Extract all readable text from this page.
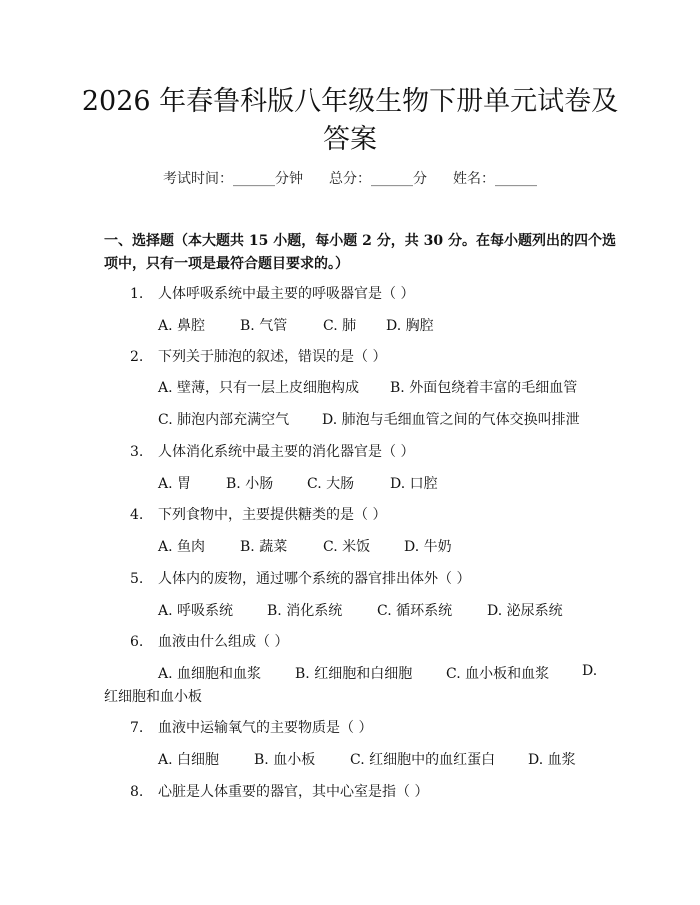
2026 年春鲁科版八年级生物下册单元试卷及
答案
考试时间：______分钟 总分：______分 姓名：______
一、选择题（本大题共 15 小题，每小题 2 分，共 30 分。在每小题列出的四个选
项中，只有一项是最符合题目要求的。）
1. 人体呼吸系统中最主要的呼吸器官是（ ）
A. 鼻腔 B. 气管	C. 肺 D. 胸腔
2. 下列关于肺泡的叙述，错误的是（ ）
A. 壁薄，只有一层上皮细胞构成 B. 外面包绕着丰富的毛细血管
C. 肺泡内部充满空气 D. 肺泡与毛细血管之间的气体交换叫排泄
3. 人体消化系统中最主要的消化器官是（ ）
A. 胃 B. 小肠 C. 大肠	D. 口腔
4. 下列食物中，主要提供糖类的是（ ）
A. 鱼肉 B. 蔬菜	C. 米饭 D. 牛奶
5. 人体内的废物，通过哪个系统的器官排出体外（ ）
A. 呼吸系统 B. 消化系统 C. 循环系统 D. 泌尿系统
6. 血液由什么组成（ ）
A. 血细胞和血浆 B. 红细胞和白细胞 C. 血小板和血浆 D.
红细胞和血小板
7. 血液中运输氧气的主要物质是（ ）
A. 白细胞 B. 血小板 C. 红细胞中的血红蛋白 D. 血浆
8. 心脏是人体重要的器官，其中心室是指（ ）
